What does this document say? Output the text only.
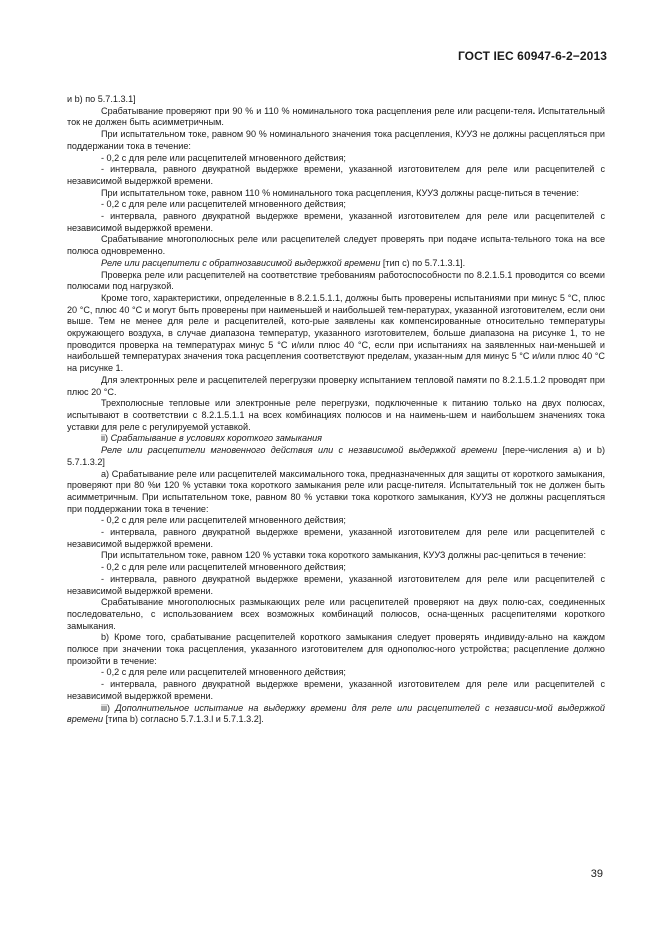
ГОСТ IEC 60947-6-2−2013

и b) по 5.7.1.3.1]

Срабатывание проверяют при 90 % и 110 % номинального тока расцепления реле или расцепи-теля. Испытательный ток не должен быть асимметричным.

При испытательном токе, равном 90 % номинального значения тока расцепления, КУУЗ не должны расцепляться при поддержании тока в течение:

- 0,2 с для реле или расцепителей мгновенного действия;

- интервала, равного двукратной выдержке времени, указанной изготовителем для реле или расцепителей с независимой выдержкой времени.

При испытательном токе, равном 110 % номинального тока расцепления, КУУЗ должны расце-питься в течение:

- 0,2 с для реле или расцепителей мгновенного действия;

- интервала, равного двукратной выдержке времени, указанной изготовителем для реле или расцепителей с независимой выдержкой времени.

Срабатывание многополюсных реле или расцепителей следует проверять при подаче испыта-тельного тока на все полюса одновременно.

Реле или расцепители с обратнозависимой выдержкой времени [тип с) по 5.7.1.3.1].

Проверка реле или расцепителей на соответствие требованиям работоспособности по 8.2.1.5.1 проводится со всеми полюсами под нагрузкой.

Кроме того, характеристики, определенные в 8.2.1.5.1.1, должны быть проверены испытаниями при минус 5 °С, плюс 20 °С, плюс 40 °С и могут быть проверены при наименьшей и наибольшей тем-пературах, указанной изготовителем, если они выше. Тем не менее для реле и расцепителей, кото-рые заявлены как компенсированные относительно температуры окружающего воздуха, в случае диапазона температур, указанного изготовителем, больше диапазона на рисунке 1, то не проводится проверка на температурах минус 5 °С и/или плюс 40 °С, если при испытаниях на заявленных наи-меньшей и наибольшей температурах значения тока расцепления соответствуют пределам, указан-ным для минус 5 °С и/или плюс 40 °С на рисунке 1.

Для электронных реле и расцепителей перегрузки проверку испытанием тепловой памяти по 8.2.1.5.1.2 проводят при плюс 20 °С.

Трехполюсные тепловые или электронные реле перегрузки, подключенные к питанию только на двух полюсах, испытывают в соответствии с 8.2.1.5.1.1 на всех комбинациях полюсов и на наимень-шем и наибольшем значениях тока уставки для реле с регулируемой уставкой.

ii) Срабатывание в условиях короткого замыкания

Реле или расцепители мгновенного действия или с независимой выдержкой времени [пере-числения а) и b) 5.7.1.3.2]

а) Срабатывание реле или расцепителей максимального тока, предназначенных для защиты от короткого замыкания, проверяют при 80 %и 120 % уставки тока короткого замыкания реле или расце-пителя. Испытательный ток не должен быть асимметричным. При испытательном токе, равном 80 % уставки тока короткого замыкания, КУУЗ не должны расцепляться при поддержании тока в течение:

- 0,2 с для реле или расцепителей мгновенного действия;

- интервала, равного двукратной выдержке времени, указанной изготовителем для реле или расцепителей с независимой выдержкой времени.

При испытательном токе, равном 120 % уставки тока короткого замыкания, КУУЗ должны рас-цепиться в течение:

- 0,2 с для реле или расцепителей мгновенного действия;

- интервала, равного двукратной выдержке времени, указанной изготовителем для реле или расцепителей с независимой выдержкой времени.

Срабатывание многополюсных размыкающих реле или расцепителей проверяют на двух полю-сах, соединенных последовательно, с использованием всех возможных комбинаций полюсов, осна-щенных расцепителями короткого замыкания.

b) Кроме того, срабатывание расцепителей короткого замыкания следует проверять индивиду-ально на каждом полюсе при значении тока расцепления, указанного изготовителем для однополюс-ного устройства; расцепление должно произойти в течение:

- 0,2 с для реле или расцепителей мгновенного действия;

- интервала, равного двукратной выдержке времени, указанной изготовителем для реле или расцепителей с независимой выдержкой времени.

iii) Дополнительное испытание на выдержку времени для реле или расцепителей с независи-мой выдержкой времени [типа b) согласно 5.7.1.3.l и 5.7.1.3.2].

39
